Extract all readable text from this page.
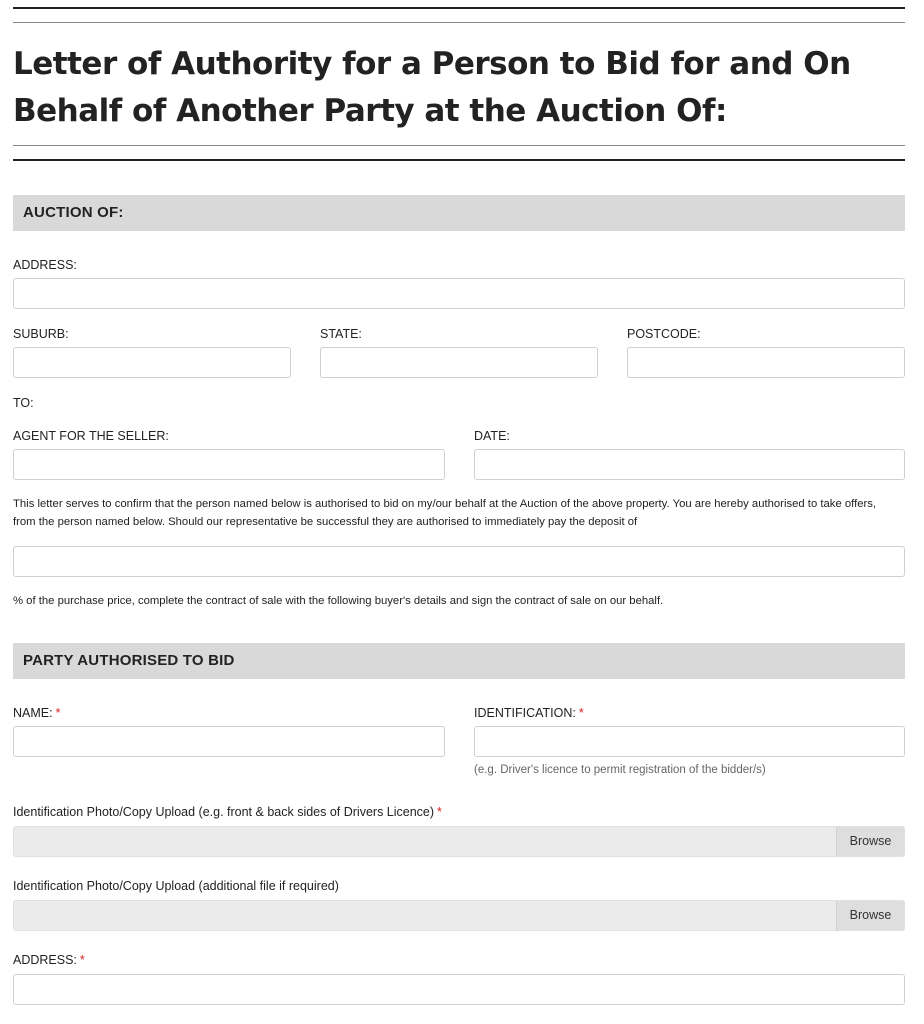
Letter of Authority for a Person to Bid for and On Behalf of Another Party at the Auction Of:
AUCTION OF:
ADDRESS:
SUBURB:	STATE:	POSTCODE:
TO:
AGENT FOR THE SELLER:	DATE:

This letter serves to confirm that the person named below is authorised to bid on my/our behalf at the Auction of the above property. You are hereby authorised to take offers, from the person named below. Should our representative be successful they are authorised to immediately pay the deposit of

% of the purchase price, complete the contract of sale with the following buyer's details and sign the contract of sale on our behalf.

PARTY AUTHORISED TO BID
NAME: *	IDENTIFICATION: *
(e.g. Driver's licence to permit registration of the bidder/s)
Identification Photo/Copy Upload (e.g. front & back sides of Drivers Licence) *
Browse
Identification Photo/Copy Upload (additional file if required)
Browse
ADDRESS: *
